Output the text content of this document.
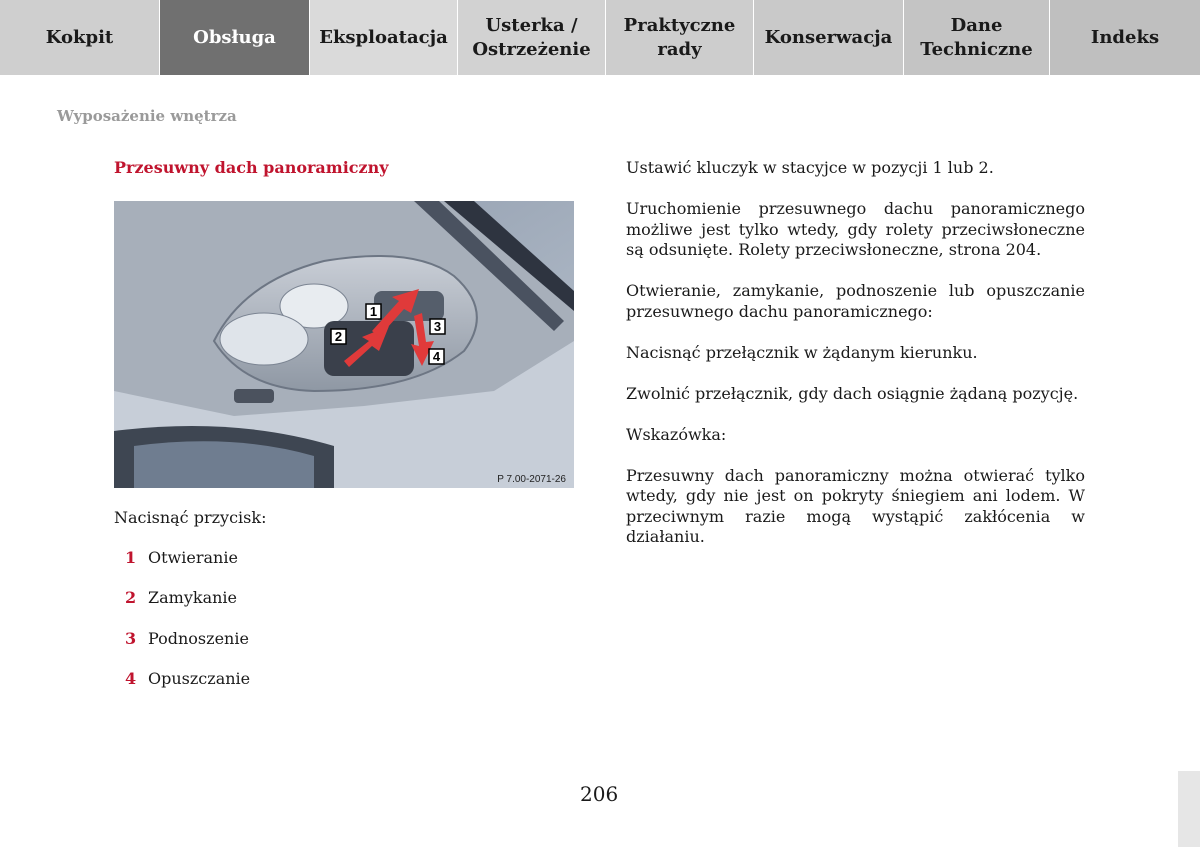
Kokpit	Obsługa Eksploatacja
Usterka /
Ostrzeżenie
Praktyczne
rady
Konserwacja
Dane
Techniczne
Indeks
Wyposażenie wnętrza
Przesuwny dach panoramiczny
1
2
3
4
P 7.00-2071-26
Nacisnąć przycisk:
1 Otwieranie
2 Zamykanie
3 Podnoszenie
4 Opuszczanie

Ustawić kluczyk w stacyjce w pozycji 1 lub 2.

Uruchomienie przesuwnego dachu panoramicznego możliwe jest tylko wtedy, gdy rolety przeciwsłoneczne są odsunięte. Rolety przeciwsłoneczne, strona 204.

Otwieranie, zamykanie, podnoszenie lub opuszczanie przesuwnego dachu panoramicznego:

Nacisnąć przełącznik w żądanym kierunku.

Zwolnić przełącznik, gdy dach osiągnie żądaną pozycję.

Wskazówka:

Przesuwny dach panoramiczny można otwierać tylko wtedy, gdy nie jest on pokryty śniegiem ani lodem. W przeciwnym razie mogą wystąpić zakłócenia w działaniu.

206
